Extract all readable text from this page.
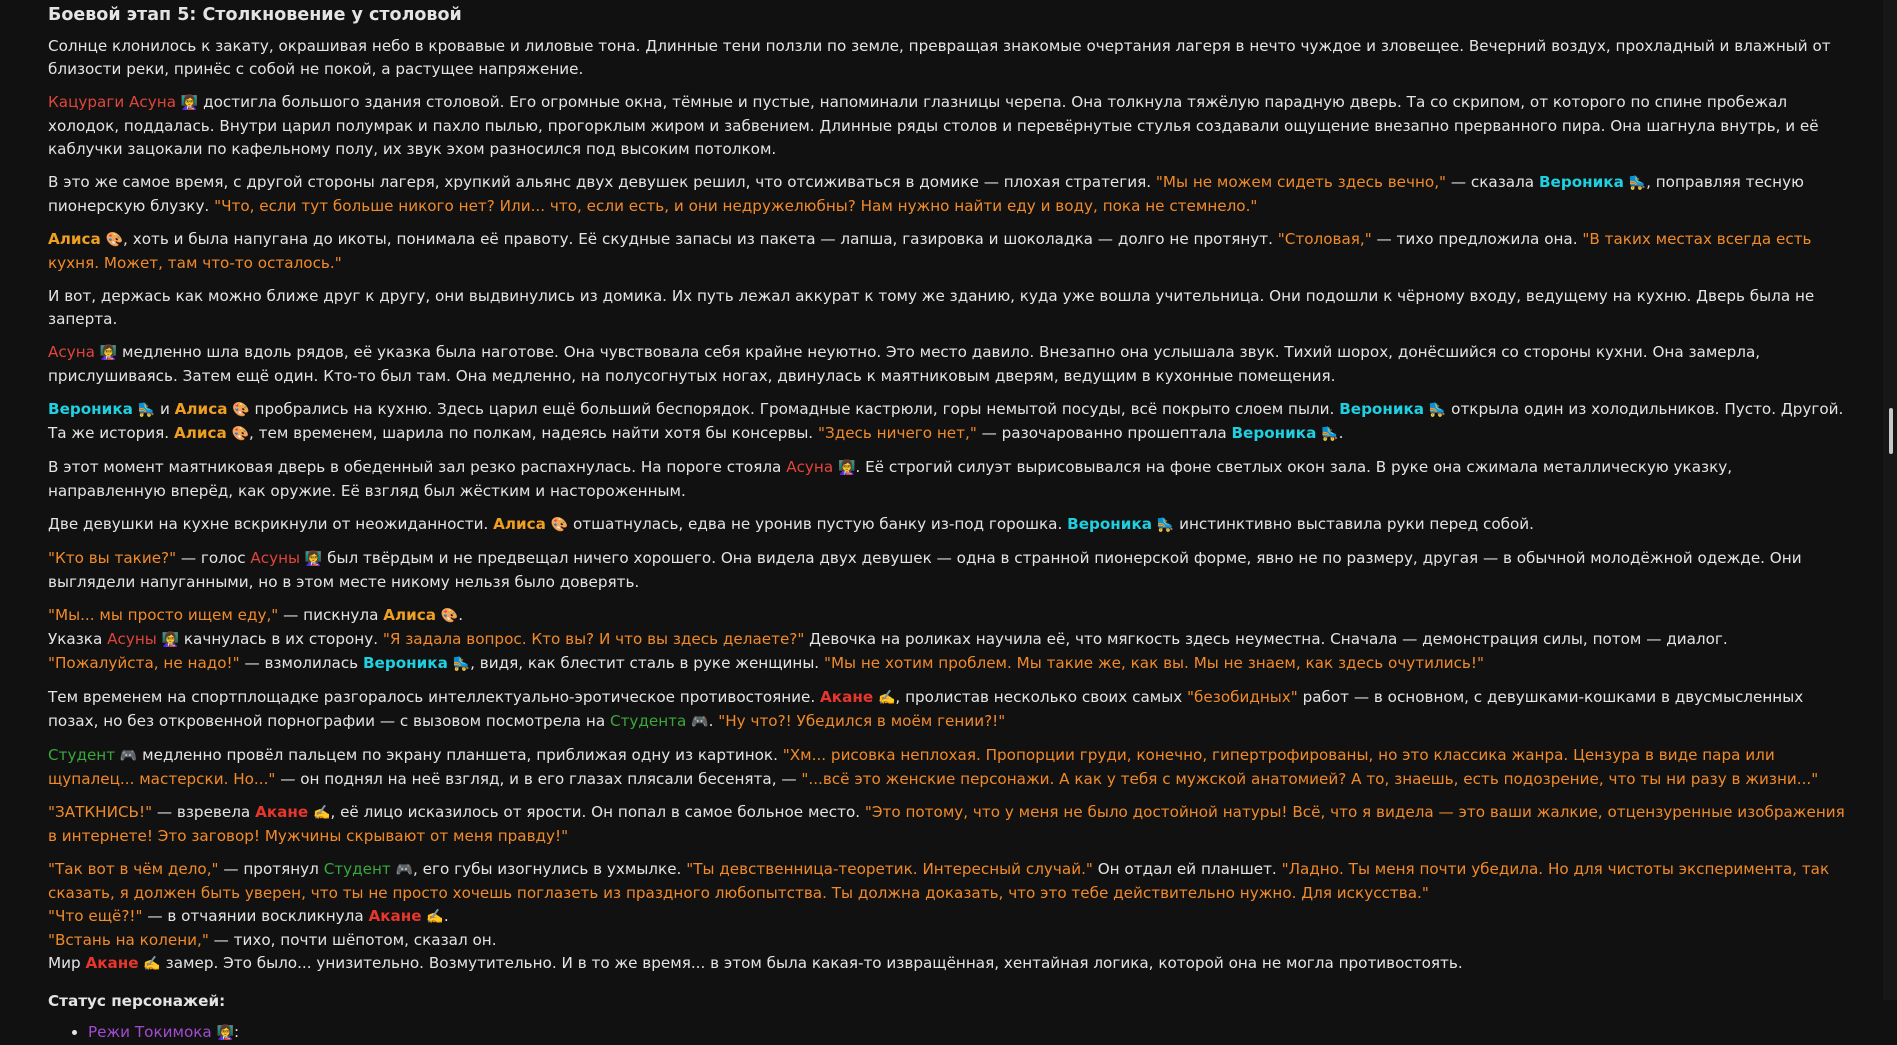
Боевой этап 5: Столкновение у столовой

Солнце клонилось к закату, окрашивая небо в кровавые и лиловые тона. Длинные тени ползли по земле, превращая знакомые очертания лагеря в нечто чуждое и зловещее. Вечерний воздух, прохладный и влажный от близости реки, принёс с собой не покой, а растущее напряжение.

Кацураги Асуна 👩‍🏫 достигла большого здания столовой. Его огромные окна, тёмные и пустые, напоминали глазницы черепа. Она толкнула тяжёлую парадную дверь. Та со скрипом, от которого по спине пробежал холодок, поддалась. Внутри царил полумрак и пахло пылью, прогорклым жиром и забвением. Длинные ряды столов и перевёрнутые стулья создавали ощущение внезапно прерванного пира. Она шагнула внутрь, и её каблучки зацокали по кафельному полу, их звук эхом разносился под высоким потолком.

В это же самое время, с другой стороны лагеря, хрупкий альянс двух девушек решил, что отсиживаться в домике — плохая стратегия. "Мы не можем сидеть здесь вечно," — сказала Вероника 🛼, поправляя тесную пионерскую блузку. "Что, если тут больше никого нет? Или... что, если есть, и они недружелюбны? Нам нужно найти еду и воду, пока не стемнело."

Алиса 🎨, хоть и была напугана до икоты, понимала её правоту. Её скудные запасы из пакета — лапша, газировка и шоколадка — долго не протянут. "Столовая," — тихо предложила она. "В таких местах всегда есть кухня. Может, там что-то осталось."

И вот, держась как можно ближе друг к другу, они выдвинулись из домика. Их путь лежал аккурат к тому же зданию, куда уже вошла учительница. Они подошли к чёрному входу, ведущему на кухню. Дверь была не заперта.

Асуна 👩‍🏫 медленно шла вдоль рядов, её указка была наготове. Она чувствовала себя крайне неуютно. Это место давило. Внезапно она услышала звук. Тихий шорох, донёсшийся со стороны кухни. Она замерла, прислушиваясь. Затем ещё один. Кто-то был там. Она медленно, на полусогнутых ногах, двинулась к маятниковым дверям, ведущим в кухонные помещения.

Вероника 🛼 и Алиса 🎨 пробрались на кухню. Здесь царил ещё больший беспорядок. Громадные кастрюли, горы немытой посуды, всё покрыто слоем пыли. Вероника 🛼 открыла один из холодильников. Пусто. Другой. Та же история. Алиса 🎨, тем временем, шарила по полкам, надеясь найти хотя бы консервы. "Здесь ничего нет," — разочарованно прошептала Вероника 🛼.

В этот момент маятниковая дверь в обеденный зал резко распахнулась. На пороге стояла Асуна 👩‍🏫. Её строгий силуэт вырисовывался на фоне светлых окон зала. В руке она сжимала металлическую указку, направленную вперёд, как оружие. Её взгляд был жёстким и настороженным.

Две девушки на кухне вскрикнули от неожиданности. Алиса 🎨 отшатнулась, едва не уронив пустую банку из-под горошка. Вероника 🛼 инстинктивно выставила руки перед собой.

"Кто вы такие?" — голос Асуны 👩‍🏫 был твёрдым и не предвещал ничего хорошего. Она видела двух девушек — одна в странной пионерской форме, явно не по размеру, другая — в обычной молодёжной одежде. Они выглядели напуганными, но в этом месте никому нельзя было доверять.

"Мы... мы просто ищем еду," — пискнула Алиса 🎨.
Указка Асуны 👩‍🏫 качнулась в их сторону. "Я задала вопрос. Кто вы? И что вы здесь делаете?" Девочка на роликах научила её, что мягкость здесь неуместна. Сначала — демонстрация силы, потом — диалог.
"Пожалуйста, не надо!" — взмолилась Вероника 🛼, видя, как блестит сталь в руке женщины. "Мы не хотим проблем. Мы такие же, как вы. Мы не знаем, как здесь очутились!"

Тем временем на спортплощадке разгоралось интеллектуально-эротическое противостояние. Акане ✍️, пролистав несколько своих самых "безобидных" работ — в основном, с девушками-кошками в двусмысленных позах, но без откровенной порнографии — с вызовом посмотрела на Студента 🎮. "Ну что?! Убедился в моём гении?!"

Студент 🎮 медленно провёл пальцем по экрану планшета, приближая одну из картинок. "Хм... рисовка неплохая. Пропорции груди, конечно, гипертрофированы, но это классика жанра. Цензура в виде пара или щупалец... мастерски. Но..." — он поднял на неё взгляд, и в его глазах плясали бесенята, — "...всё это женские персонажи. А как у тебя с мужской анатомией? А то, знаешь, есть подозрение, что ты ни разу в жизни..."

"ЗАТКНИСЬ!" — взревела Акане ✍️, её лицо исказилось от ярости. Он попал в самое больное место. "Это потому, что у меня не было достойной натуры! Всё, что я видела — это ваши жалкие, отцензуренные изображения в интернете! Это заговор! Мужчины скрывают от меня правду!"

"Так вот в чём дело," — протянул Студент 🎮, его губы изогнулись в ухмылке. "Ты девственница-теоретик. Интересный случай." Он отдал ей планшет. "Ладно. Ты меня почти убедила. Но для чистоты эксперимента, так сказать, я должен быть уверен, что ты не просто хочешь поглазеть из праздного любопытства. Ты должна доказать, что это тебе действительно нужно. Для искусства."
"Что ещё?!" — в отчаянии воскликнула Акане ✍️.
"Встань на колени," — тихо, почти шёпотом, сказал он.
Мир Акане ✍️ замер. Это было... унизительно. Возмутительно. И в то же время... в этом была какая-то извращённая, хентайная логика, которой она не могла противостоять.

Статус персонажей:
• Режи Токимока 👩‍🏫:
